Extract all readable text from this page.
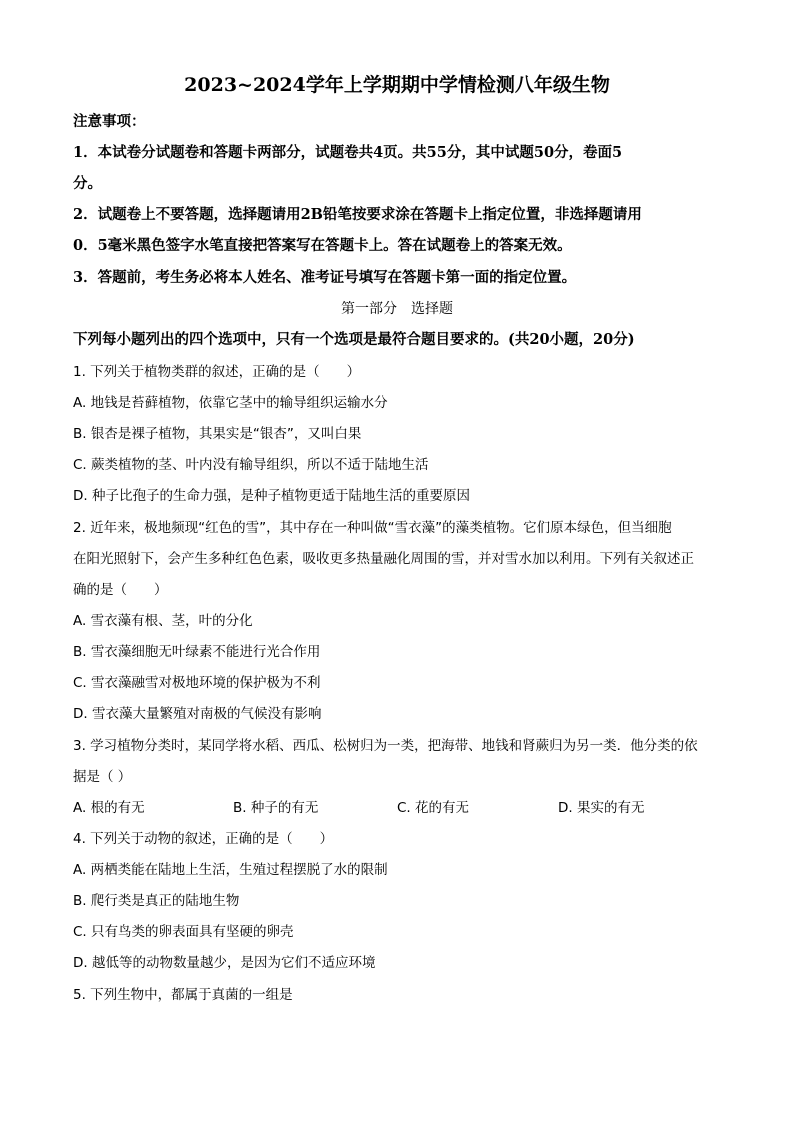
2023~2024学年上学期期中学情检测八年级生物
注意事项：
1．本试卷分试题卷和答题卡两部分，试题卷共4页。共55分，其中试题50分，卷面5
分。
2．试题卷上不要答题，选择题请用2B铅笔按要求涂在答题卡上指定位置，非选择题请用
0．5毫米黑色签字水笔直接把答案写在答题卡上。答在试题卷上的答案无效。
3．答题前，考生务必将本人姓名、准考证号填写在答题卡第一面的指定位置。
第一部分　选择题
下列每小题列出的四个选项中，只有一个选项是最符合题目要求的。(共20小题，20分)
1. 下列关于植物类群的叙述，正确的是（　　）
A. 地钱是苔藓植物，依靠它茎中的输导组织运输水分
B. 银杏是裸子植物，其果实是“银杏”，又叫白果
C. 蕨类植物的茎、叶内没有输导组织，所以不适于陆地生活
D. 种子比孢子的生命力强，是种子植物更适于陆地生活的重要原因
2. 近年来，极地频现“红色的雪”，其中存在一种叫做“雪衣藻”的藻类植物。它们原本绿色，但当细胞
在阳光照射下，会产生多种红色色素，吸收更多热量融化周围的雪，并对雪水加以利用。下列有关叙述正
确的是（　　）
A. 雪衣藻有根、茎，叶的分化
B. 雪衣藻细胞无叶绿素不能进行光合作用
C. 雪衣藻融雪对极地环境的保护极为不利
D. 雪衣藻大量繁殖对南极的气候没有影响
3. 学习植物分类时，某同学将水稻、西瓜、松树归为一类，把海带、地钱和肾蕨归为另一类．他分类的依
据是（ ）
A. 根的有无	B. 种子的有无	C. 花的有无	D. 果实的有无
4. 下列关于动物的叙述，正确的是（　　）
A. 两栖类能在陆地上生活，生殖过程摆脱了水的限制
B. 爬行类是真正的陆地生物
C. 只有鸟类的卵表面具有坚硬的卵壳
D. 越低等的动物数量越少，是因为它们不适应环境
5. 下列生物中，都属于真菌的一组是
